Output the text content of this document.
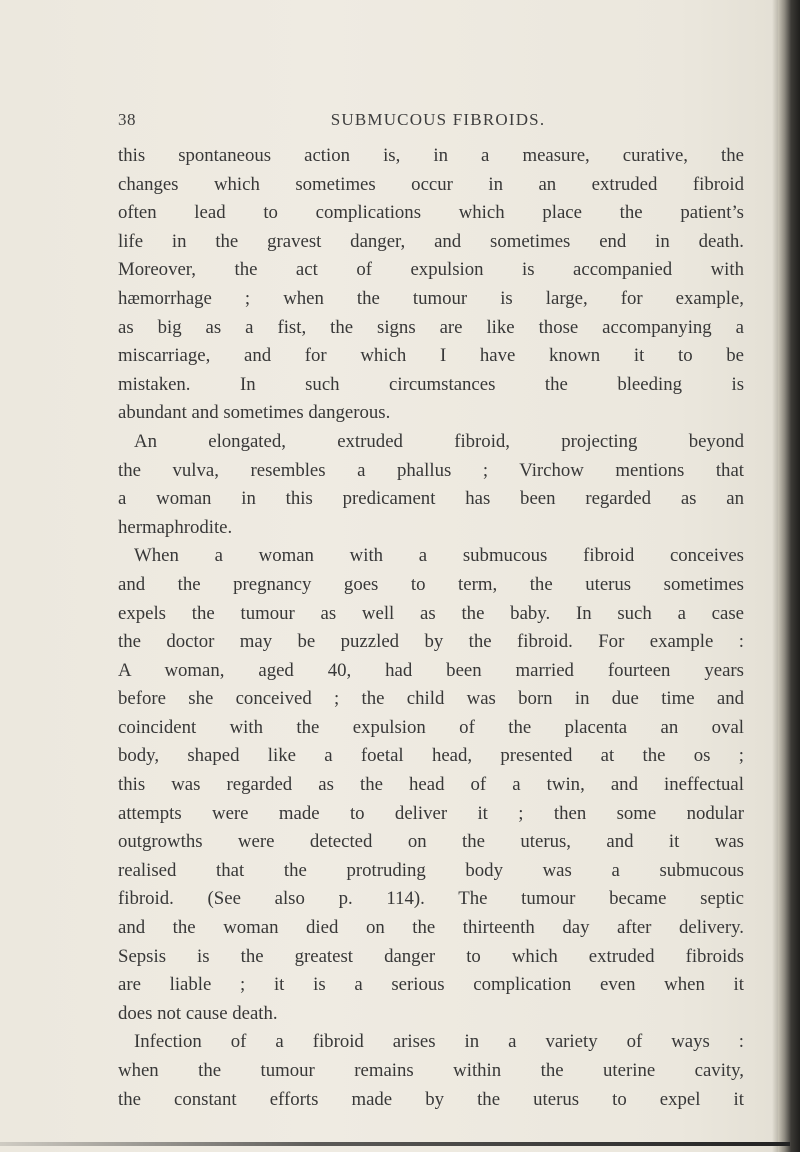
38	SUBMUCOUS FIBROIDS.
this spontaneous action is, in a measure, curative, the
changes which sometimes occur in an extruded fibroid
often lead to complications which place the patient’s
life in the gravest danger, and sometimes end in death.
Moreover, the act of expulsion is accompanied with
hæmorrhage ; when the tumour is large, for example,
as big as a fist, the signs are like those accompanying a
miscarriage, and for which I have known it to be
mistaken. In such circumstances the bleeding is
abundant and sometimes dangerous.
An elongated, extruded fibroid, projecting beyond
the vulva, resembles a phallus ; Virchow mentions that
a woman in this predicament has been regarded as an
hermaphrodite.
When a woman with a submucous fibroid conceives
and the pregnancy goes to term, the uterus sometimes
expels the tumour as well as the baby. In such a case
the doctor may be puzzled by the fibroid. For example :
A woman, aged 40, had been married fourteen years
before she conceived ; the child was born in due time and
coincident with the expulsion of the placenta an oval
body, shaped like a foetal head, presented at the os ;
this was regarded as the head of a twin, and ineffectual
attempts were made to deliver it ; then some nodular
outgrowths were detected on the uterus, and it was
realised that the protruding body was a submucous
fibroid. (See also p. 114). The tumour became septic
and the woman died on the thirteenth day after delivery.
Sepsis is the greatest danger to which extruded fibroids
are liable ; it is a serious complication even when it
does not cause death.
Infection of a fibroid arises in a variety of ways :
when the tumour remains within the uterine cavity,
the constant efforts made by the uterus to expel it
